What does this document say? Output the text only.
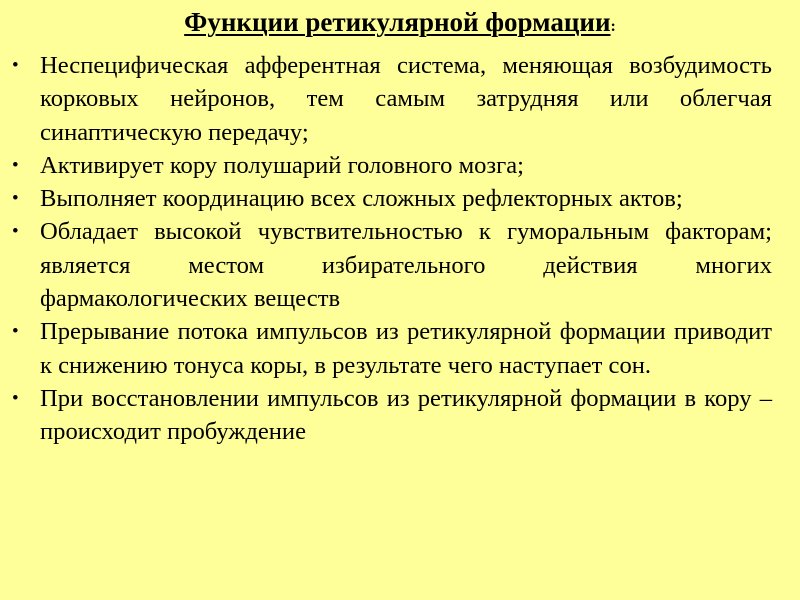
Функции ретикулярной формации:
• Неспецифическая афферентная система, меняющая возбудимость корковых нейронов, тем самым затрудняя или облегчая синаптическую передачу;
• Активирует кору полушарий головного мозга;
• Выполняет координацию всех сложных рефлекторных актов;
• Обладает высокой чувствительностью к гуморальным факторам; является местом избирательного действия многих фармакологических веществ
• Прерывание потока импульсов из ретикулярной формации приводит к снижению тонуса коры, в результате чего наступает сон.
• При восстановлении импульсов из ретикулярной формации в кору – происходит пробуждение
